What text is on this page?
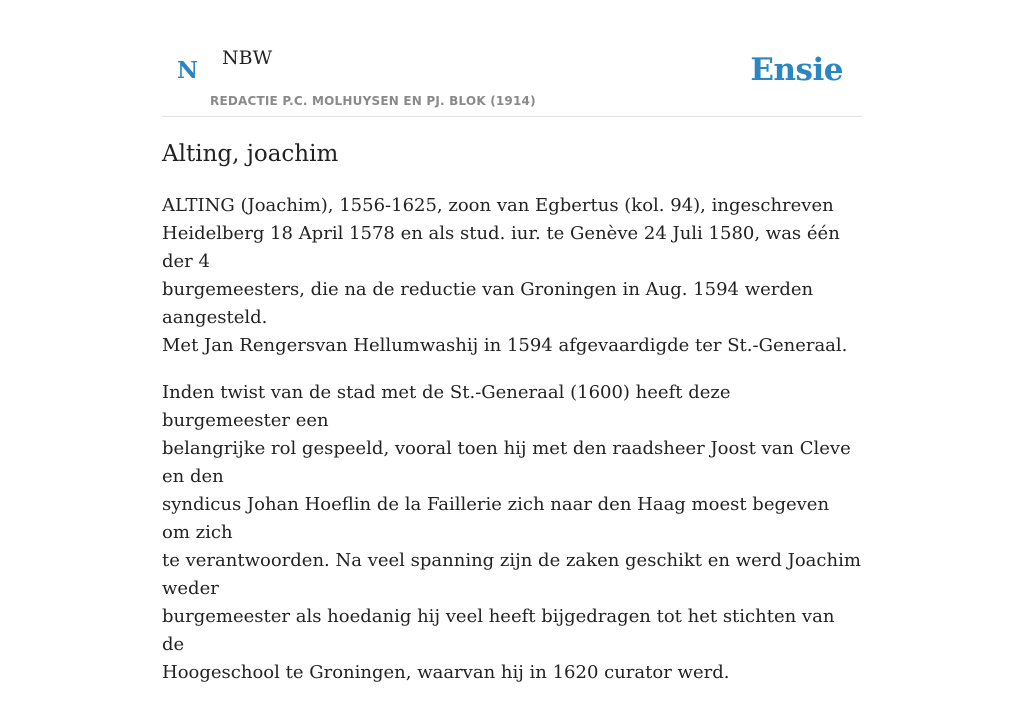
N NBW
REDACTIE P.C. MOLHUYSEN EN PJ. BLOK (1914)
Ensie
Alting, joachim

ALTING (Joachim), 1556-1625, zoon van Egbertus (kol. 94), ingeschreven
Heidelberg 18 April 1578 en als stud. iur. te Genève 24 Juli 1580, was één der 4
burgemeesters, die na de reductie van Groningen in Aug. 1594 werden aangesteld.
Met Jan Rengersvan Hellumwashij in 1594 afgevaardigde ter St.-Generaal.

Inden twist van de stad met de St.-Generaal (1600) heeft deze burgemeester een
belangrijke rol gespeeld, vooral toen hij met den raadsheer Joost van Cleve en den
syndicus Johan Hoeflin de la Faillerie zich naar den Haag moest begeven om zich
te verantwoorden. Na veel spanning zijn de zaken geschikt en werd Joachim weder
burgemeester als hoedanig hij veel heeft bijgedragen tot het stichten van de
Hoogeschool te Groningen, waarvan hij in 1620 curator werd.
